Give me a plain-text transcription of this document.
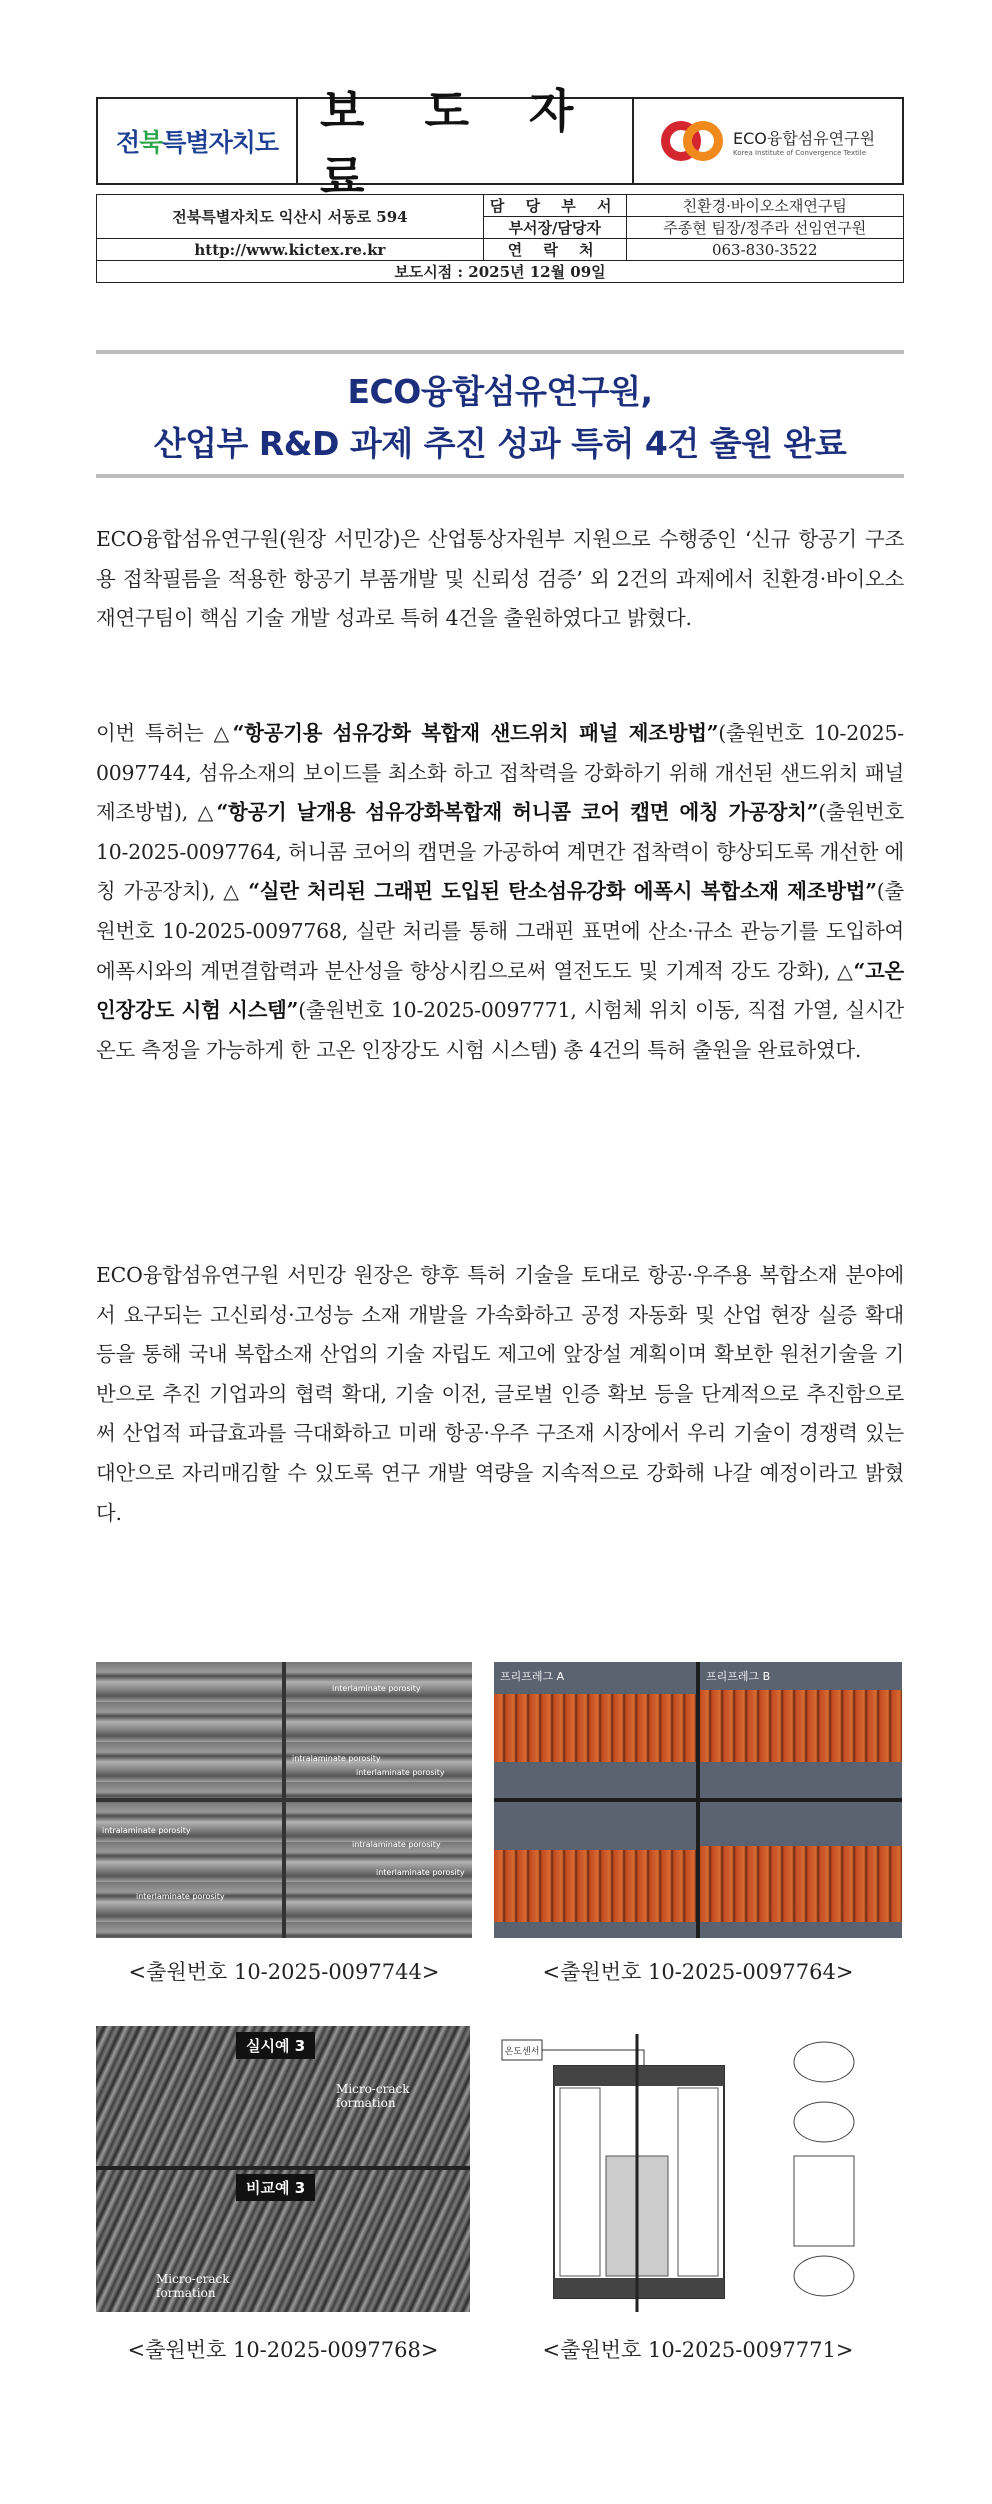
전북특별자치도
보 도 자 료
ECO융합섬유연구원
Korea Institute of Convergence Textile
전북특별자치도 익산시 서동로 594	담 당 부 서	친환경·바이오소재연구팀
	부서장/담당자	주종현 팀장/정주라 선임연구원
http://www.kictex.re.kr	연 락 처	063-830-3522
보도시점 : 2025년 12월 09일		
ECO융합섬유연구원,
산업부 R&D 과제 추진 성과 특허 4건 출원 완료
ECO융합섬유연구원(원장 서민강)은 산업통상자원부 지원으로 수행중인 ‘신규 항공기 구조용 접착필름을 적용한 항공기 부품개발 및 신뢰성 검증’ 외 2건의 과제에서 친환경·바이오소재연구팀이 핵심 기술 개발 성과로 특허 4건을 출원하였다고 밝혔다.
이번 특허는 △“항공기용 섬유강화 복합재 샌드위치 패널 제조방법”(출원번호 10-2025-0097744, 섬유소재의 보이드를 최소화 하고 접착력을 강화하기 위해 개선된 샌드위치 패널 제조방법), △“항공기 날개용 섬유강화복합재 허니콤 코어 캡면 에칭 가공장치”(출원번호 10-2025-0097764, 허니콤 코어의 캡면을 가공하여 계면간 접착력이 향상되도록 개선한 에칭 가공장치), △ “실란 처리된 그래핀 도입된 탄소섬유강화 에폭시 복합소재 제조방법”(출원번호 10-2025-0097768, 실란 처리를 통해 그래핀 표면에 산소·규소 관능기를 도입하여 에폭시와의 계면결합력과 분산성을 향상시킴으로써 열전도도 및 기계적 강도 강화), △“고온 인장강도 시험 시스템”(출원번호 10-2025-0097771, 시험체 위치 이동, 직접 가열, 실시간 온도 측정을 가능하게 한 고온 인장강도 시험 시스템) 총 4건의 특허 출원을 완료하였다.
ECO융합섬유연구원 서민강 원장은 향후 특허 기술을 토대로 항공·우주용 복합소재 분야에서 요구되는 고신뢰성·고성능 소재 개발을 가속화하고 공정 자동화 및 산업 현장 실증 확대 등을 통해 국내 복합소재 산업의 기술 자립도 제고에 앞장설 계획이며 확보한 원천기술을 기반으로 추진 기업과의 협력 확대, 기술 이전, 글로벌 인증 확보 등을 단계적으로 추진함으로써 산업적 파급효과를 극대화하고 미래 항공·우주 구조재 시장에서 우리 기술이 경쟁력 있는 대안으로 자리매김할 수 있도록 연구 개발 역량을 지속적으로 강화해 나갈 예정이라고 밝혔다.
interlaminate porosity
intralaminate porosity
interlaminate porosity
intralaminate porosity
interlaminate porosity
intralaminate porosity
interlaminate porosity
<출원번호 10-2025-0097744>
프리프레그 A	프리프레그 B
<출원번호 10-2025-0097764>
실시예 3
비교예 3
Micro-crack formation
Micro-crack formation
<출원번호 10-2025-0097768>
온도센서
<출원번호 10-2025-0097771>
